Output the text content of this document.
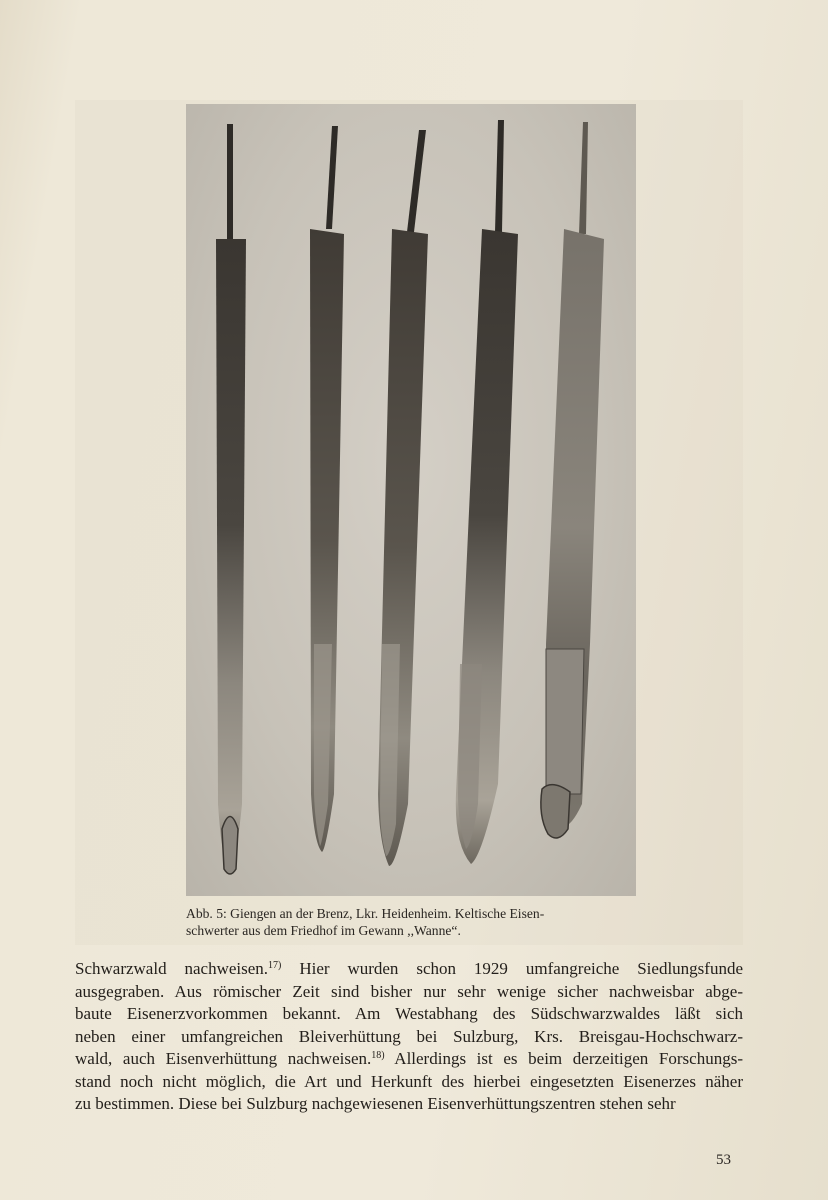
Abb. 5: Giengen an der Brenz, Lkr. Heidenheim. Keltische Eisen-

schwerter aus dem Friedhof im Gewann ,,Wanne“.

Schwarzwald nachweisen.$^{17)}$ Hier wurden schon 1929 umfangreiche Siedlungsfunde
ausgegraben. Aus römischer Zeit sind bisher nur sehr wenige sicher nachweisbar abge-
baute Eisenerzvorkommen bekannt. Am Westabhang des Südschwarzwaldes läßt sich
neben einer umfangreichen Bleiverhüttung bei Sulzburg, Krs. Breisgau-Hochschwarz-
wald, auch Eisenverhüttung nachweisen.$^{18)}$ Allerdings ist es beim derzeitigen Forschungs-
stand noch nicht möglich, die Art und Herkunft des hierbei eingesetzten Eisenerzes näher
zu bestimmen. Diese bei Sulzburg nachgewiesenen Eisenverhüttungszentren stehen sehr
53
